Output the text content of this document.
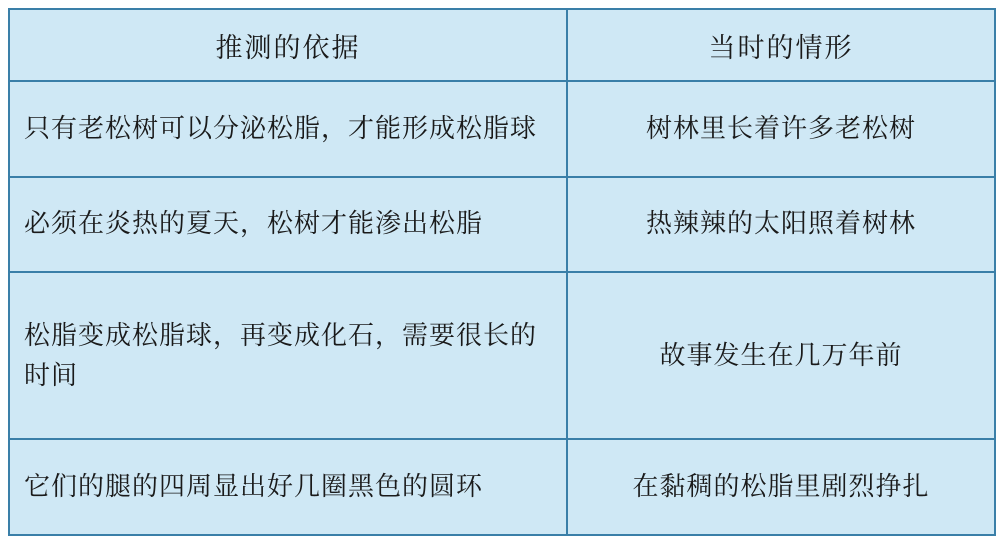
推测的依据	当时的情形
只有老松树可以分泌松脂，才能形成松脂球	树林里长着许多老松树
必须在炎热的夏天，松树才能渗出松脂	热辣辣的太阳照着树林
松脂变成松脂球，再变成化石，需要很长的时间	故事发生在几万年前
它们的腿的四周显出好几圈黑色的圆环	在黏稠的松脂里剧烈挣扎
